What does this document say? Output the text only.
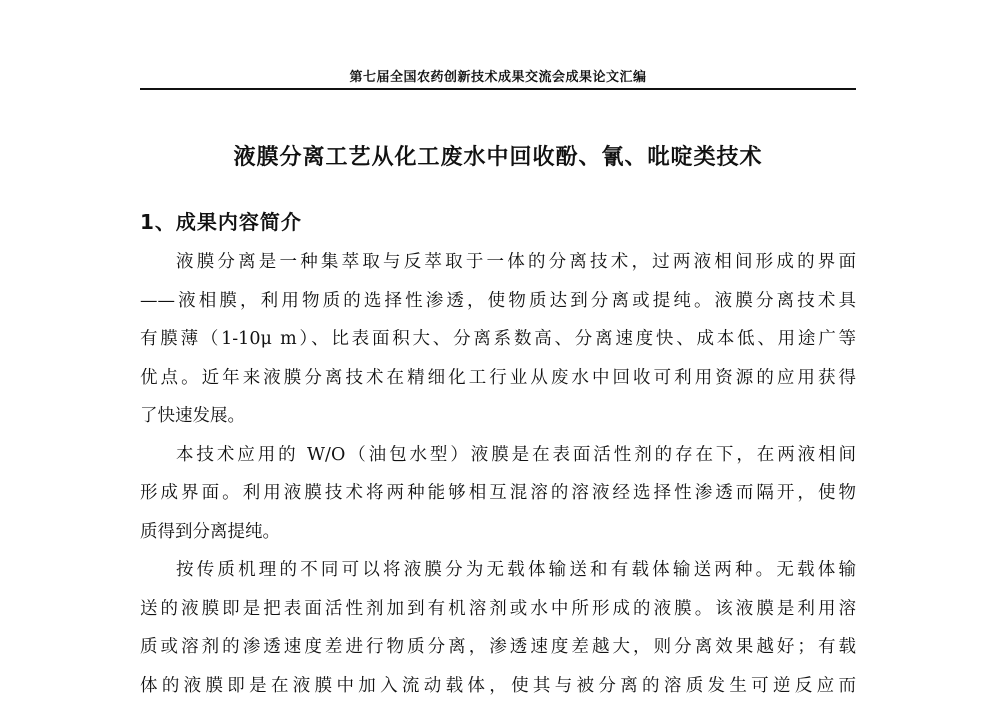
第七届全国农药创新技术成果交流会成果论文汇编
液膜分离工艺从化工废水中回收酚、氰、吡啶类技术
1、成果内容简介
液膜分离是一种集萃取与反萃取于一体的分离技术，过两液相间形成的界面
——液相膜，利用物质的选择性渗透，使物质达到分离或提纯。液膜分离技术具
有膜薄（1-10μ m）、比表面积大、分离系数高、分离速度快、成本低、用途广等
优点。近年来液膜分离技术在精细化工行业从废水中回收可利用资源的应用获得
了快速发展。
本技术应用的 W/O（油包水型）液膜是在表面活性剂的存在下，在两液相间
形成界面。利用液膜技术将两种能够相互混溶的溶液经选择性渗透而隔开，使物
质得到分离提纯。
按传质机理的不同可以将液膜分为无载体输送和有载体输送两种。无载体输
送的液膜即是把表面活性剂加到有机溶剂或水中所形成的液膜。该液膜是利用溶
质或溶剂的渗透速度差进行物质分离，渗透速度差越大，则分离效果越好；有载
体的液膜即是在液膜中加入流动载体，使其与被分离的溶质发生可逆反应而
